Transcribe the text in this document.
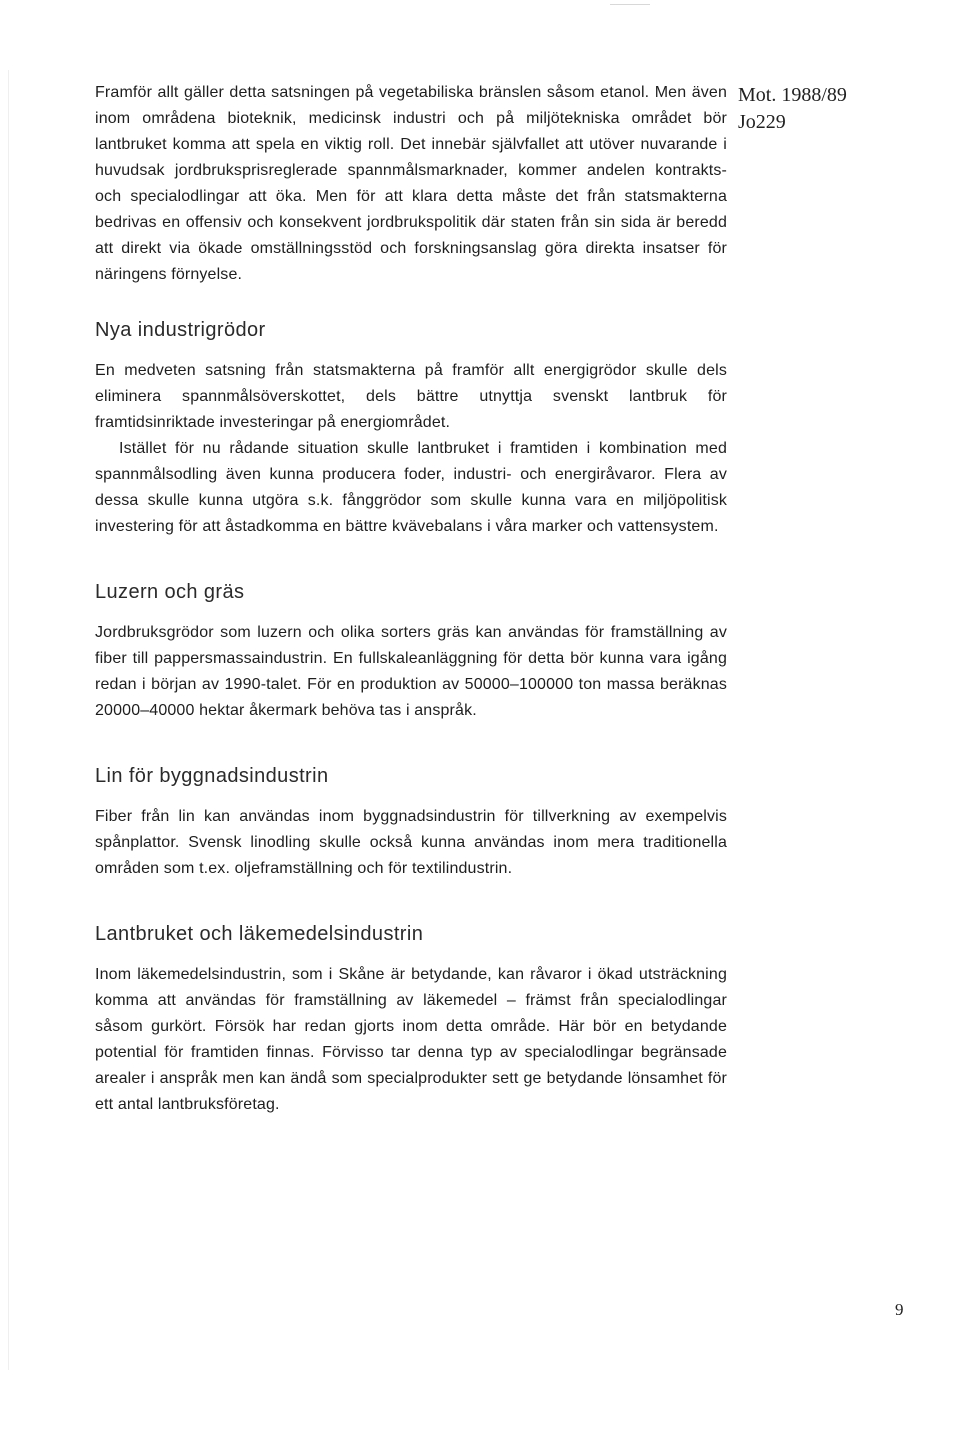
Mot. 1988/89
Jo229

Framför allt gäller detta satsningen på vegetabiliska bränslen såsom etanol. Men även inom områdena bioteknik, medicinsk industri och på miljötekniska området bör lantbruket komma att spela en viktig roll. Det innebär självfallet att utöver nuvarande i huvudsak jordbruksprisreglerade spannmålsmarknader, kommer andelen kontrakts- och specialodlingar att öka. Men för att klara detta måste det från statsmakterna bedrivas en offensiv och konsekvent jordbrukspolitik där staten från sin sida är beredd att direkt via ökade omställningsstöd och forskningsanslag göra direkta insatser för näringens förnyelse.

Nya industrigrödor

En medveten satsning från statsmakterna på framför allt energigrödor skulle dels eliminera spannmålsöverskottet, dels bättre utnyttja svenskt lantbruk för framtidsinriktade investeringar på energiområdet.

Istället för nu rådande situation skulle lantbruket i framtiden i kombination med spannmålsodling även kunna producera foder, industri- och energiråvaror. Flera av dessa skulle kunna utgöra s.k. fånggrödor som skulle kunna vara en miljöpolitisk investering för att åstadkomma en bättre kvävebalans i våra marker och vattensystem.

Luzern och gräs

Jordbruksgrödor som luzern och olika sorters gräs kan användas för framställning av fiber till pappersmassaindustrin. En fullskaleanläggning för detta bör kunna vara igång redan i början av 1990-talet. För en produktion av 50000–100000 ton massa beräknas 20000–40000 hektar åkermark behöva tas i anspråk.

Lin för byggnadsindustrin

Fiber från lin kan användas inom byggnadsindustrin för tillverkning av exempelvis spånplattor. Svensk linodling skulle också kunna användas inom mera traditionella områden som t.ex. oljeframställning och för textilindustrin.

Lantbruket och läkemedelsindustrin

Inom läkemedelsindustrin, som i Skåne är betydande, kan råvaror i ökad utsträckning komma att användas för framställning av läkemedel – främst från specialodlingar såsom gurkört. Försök har redan gjorts inom detta område. Här bör en betydande potential för framtiden finnas. Förvisso tar denna typ av specialodlingar begränsade arealer i anspråk men kan ändå som specialprodukter sett ge betydande lönsamhet för ett antal lantbruksföretag.

9
